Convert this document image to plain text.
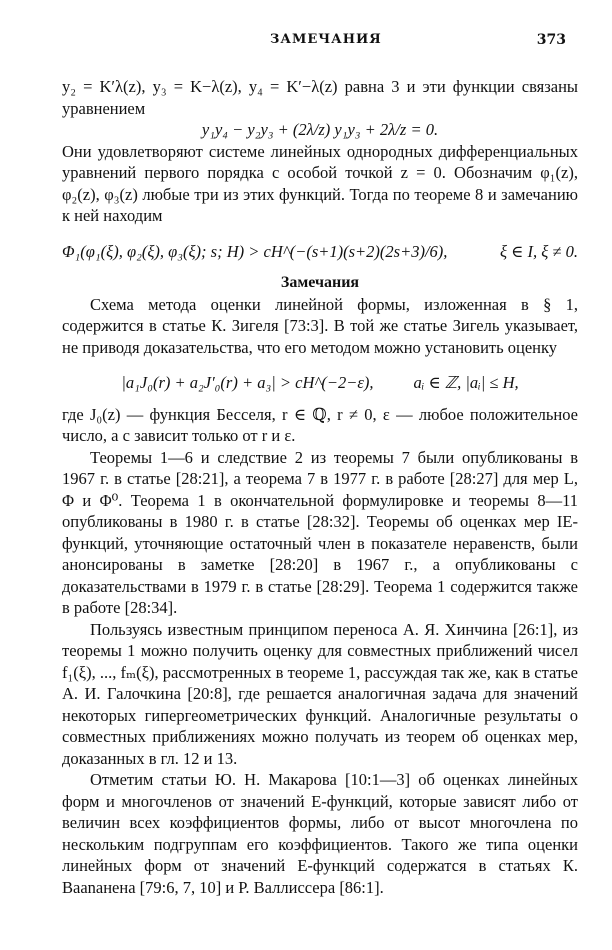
ЗАМЕЧАНИЯ	373

y₂ = K′λ(z), y₃ = K−λ(z), y₄ = K′−λ(z) равна 3 и эти функции связаны уравнением

y₁y₄ − y₂y₃ + (2λ/z) y₁y₃ + 2λ/z = 0.

Они удовлетворяют системе линейных однородных дифференциальных уравнений первого порядка с особой точкой z = 0. Обозначим φ₁(z), φ₂(z), φ₃(z) любые три из этих функций. Тогда по теореме 8 и замечанию к ней находим

Φ₁(φ₁(ξ), φ₂(ξ), φ₃(ξ); s; H) > cH^(−(s+1)(s+2)(2s+3)/6),	ξ ∈ I, ξ ≠ 0.

Замечания

Схема метода оценки линейной формы, изложенная в § 1, содержится в статье К. Зигеля [73:3]. В той же статье Зигель указывает, не приводя доказательства, что его методом можно установить оценку

|a₁J₀(r) + a₂J′₀(r) + a₃| > cH^(−2−ε), aᵢ ∈ ℤ, |aᵢ| ≤ H,

где J₀(z) — функция Бесселя, r ∈ ℚ, r ≠ 0, ε — любое положительное число, а c зависит только от r и ε.

Теоремы 1—6 и следствие 2 из теоремы 7 были опубликованы в 1967 г. в статье [28:21], а теорема 7 в 1977 г. в работе [28:27] для мер L, Φ и Φ⁰. Теорема 1 в окончательной формулировке и теоремы 8—11 опубликованы в 1980 г. в статье [28:32]. Теоремы об оценках мер IE-функций, уточняющие остаточный член в показателе неравенств, были анонсированы в заметке [28:20] в 1967 г., а опубликованы с доказательствами в 1979 г. в статье [28:29]. Теорема 1 содержится также в работе [28:34].

Пользуясь известным принципом переноса А. Я. Хинчина [26:1], из теоремы 1 можно получить оценку для совместных приближений чисел f₁(ξ), ..., fₘ(ξ), рассмотренных в теореме 1, рассуждая так же, как в статье А. И. Галочкина [20:8], где решается аналогичная задача для значений некоторых гипергеометрических функций. Аналогичные результаты о совместных приближениях можно получать из теорем об оценках мер, доказанных в гл. 12 и 13.

Отметим статьи Ю. Н. Макарова [10:1—3] об оценках линейных форм и многочленов от значений E-функций, которые зависят либо от величин всех коэффициентов формы, либо от высот многочлена по нескольким подгруппам его коэффициентов. Такого же типа оценки линейных форм от значений E-функций содержатся в статьях К. Вааnанена [79:6, 7, 10] и Р. Валлиссера [86:1].
